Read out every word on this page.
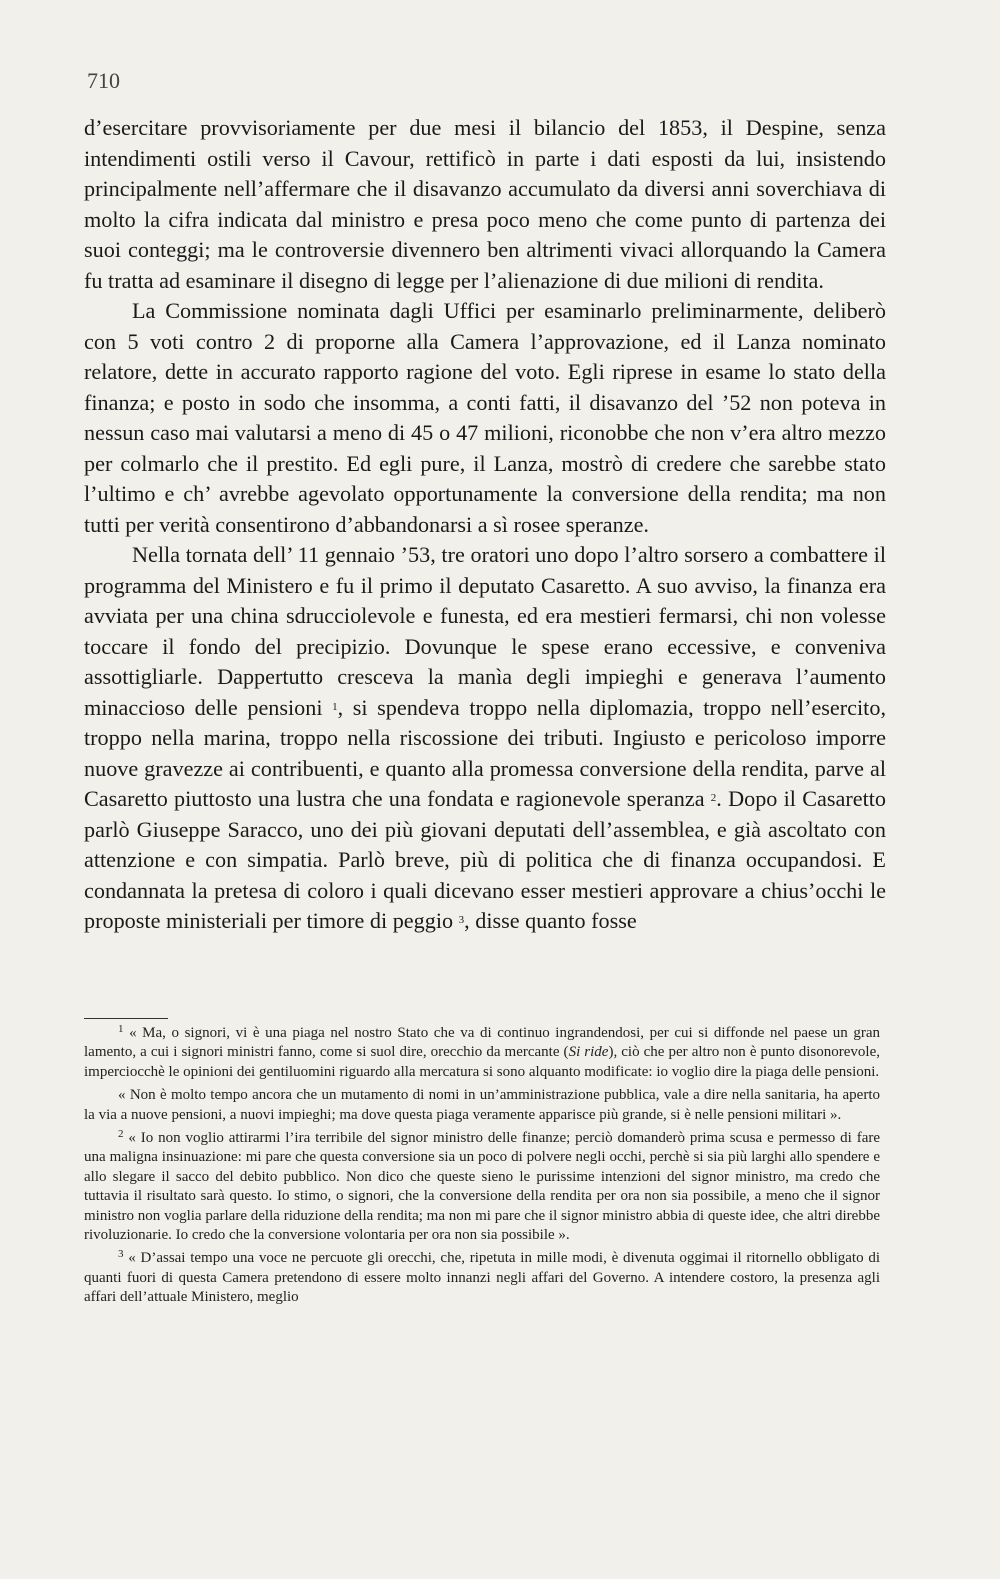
710

d’esercitare provvisoriamente per due mesi il bilancio del 1853, il Despine, senza intendimenti ostili verso il Cavour, rettificò in parte i dati esposti da lui, insistendo principalmente nell’affermare che il disavanzo accumulato da diversi anni soverchiava di molto la cifra indicata dal ministro e presa poco meno che come punto di partenza dei suoi conteggi; ma le controversie divennero ben altrimenti vivaci allorquando la Camera fu tratta ad esaminare il disegno di legge per l’alienazione di due milioni di rendita.

La Commissione nominata dagli Uffici per esaminarlo preliminarmente, deliberò con 5 voti contro 2 di proporne alla Camera l’approvazione, ed il Lanza nominato relatore, dette in accurato rapporto ragione del voto. Egli riprese in esame lo stato della finanza; e posto in sodo che insomma, a conti fatti, il disavanzo del ’52 non poteva in nessun caso mai valutarsi a meno di 45 o 47 milioni, riconobbe che non v’era altro mezzo per colmarlo che il prestito. Ed egli pure, il Lanza, mostrò di credere che sarebbe stato l’ultimo e ch’ avrebbe agevolato opportunamente la conversione della rendita; ma non tutti per verità consentirono d’abbandonarsi a sì rosee speranze.

Nella tornata dell’ 11 gennaio ’53, tre oratori uno dopo l’altro sorsero a combattere il programma del Ministero e fu il primo il deputato Casaretto. A suo avviso, la finanza era avviata per una china sdrucciolevole e funesta, ed era mestieri fermarsi, chi non volesse toccare il fondo del precipizio. Dovunque le spese erano eccessive, e conveniva assottigliarle. Dappertutto cresceva la manìa degli impieghi e generava l’aumento minaccioso delle pensioni $^1$, si spendeva troppo nella diplomazia, troppo nell’esercito, troppo nella marina, troppo nella riscossione dei tributi. Ingiusto e pericoloso imporre nuove gravezze ai contribuenti, e quanto alla promessa conversione della rendita, parve al Casaretto piuttosto una lustra che una fondata e ragionevole speranza $^2$. Dopo il Casaretto parlò Giuseppe Saracco, uno dei più giovani deputati dell’assemblea, e già ascoltato con attenzione e con simpatia. Parlò breve, più di politica che di finanza occupandosi. E condannata la pretesa di coloro i quali dicevano esser mestieri approvare a chius’occhi le proposte ministeriali per timore di peggio $^3$, disse quanto fosse

$^1$ « Ma, o signori, vi è una piaga nel nostro Stato che va di continuo ingrandendosi, per cui si diffonde nel paese un gran lamento, a cui i signori ministri fanno, come si suol dire, orecchio da mercante (Si ride), ciò che per altro non è punto disonorevole, imperciocchè le opinioni dei gentiluomini riguardo alla mercatura si sono alquanto modificate: io voglio dire la piaga delle pensioni.

« Non è molto tempo ancora che un mutamento di nomi in un’amministrazione pubblica, vale a dire nella sanitaria, ha aperto la via a nuove pensioni, a nuovi impieghi; ma dove questa piaga veramente apparisce più grande, si è nelle pensioni militari ».

$^2$ « Io non voglio attirarmi l’ira terribile del signor ministro delle finanze; perciò domanderò prima scusa e permesso di fare una maligna insinuazione: mi pare che questa conversione sia un poco di polvere negli occhi, perchè si sia più larghi allo spendere e allo slegare il sacco del debito pubblico. Non dico che queste sieno le purissime intenzioni del signor ministro, ma credo che tuttavia il risultato sarà questo. Io stimo, o signori, che la conversione della rendita per ora non sia possibile, a meno che il signor ministro non voglia parlare della riduzione della rendita; ma non mi pare che il signor ministro abbia di queste idee, che altri direbbe rivoluzionarie. Io credo che la conversione volontaria per ora non sia possibile ».

$^3$ « D’assai tempo una voce ne percuote gli orecchi, che, ripetuta in mille modi, è divenuta oggimai il ritornello obbligato di quanti fuori di questa Camera pretendono di essere molto innanzi negli affari del Governo. A intendere costoro, la presenza agli affari dell’attuale Ministero, meglio
